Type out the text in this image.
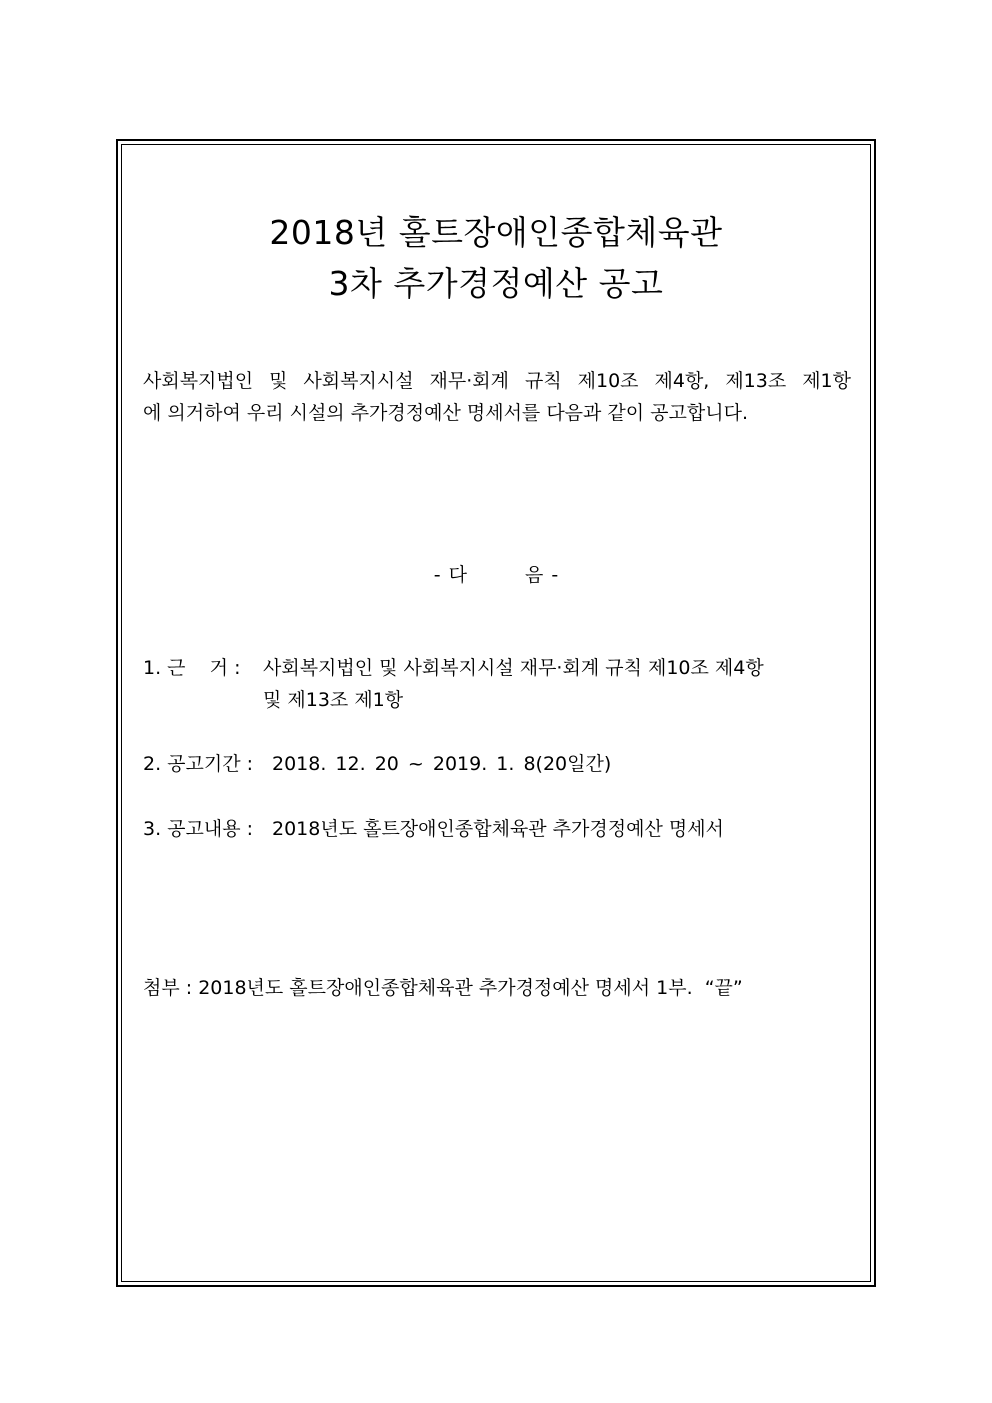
2018년 홀트장애인종합체육관
3차 추가경정예산 공고
사회복지법인 및 사회복지시설 재무·회계 규칙 제10조 제4항, 제13조 제1항
에 의거하여 우리 시설의 추가경정예산 명세서를 다음과 같이 공고합니다.
- 다	음 -
1. 근    거 : 사회복지법인 및 사회복지시설 재무·회계 규칙 제10조 제4항
및 제13조 제1항
2. 공고기간 : 2018. 12. 20 ~ 2019. 1. 8(20일간)
3. 공고내용 : 2018년도 홀트장애인종합체육관 추가경정예산 명세서
첨부 : 2018년도 홀트장애인종합체육관 추가경정예산 명세서 1부.  “끝”
